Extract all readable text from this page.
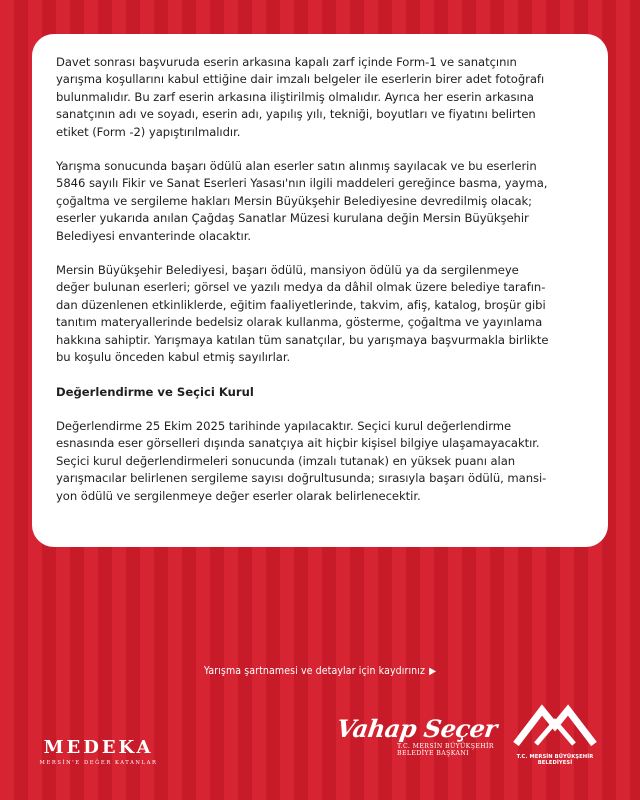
Davet sonrası başvuruda eserin arkasına kapalı zarf içinde Form-1 ve sanatçının
yarışma koşullarını kabul ettiğine dair imzalı belgeler ile eserlerin birer adet fotoğrafı
bulunmalıdır. Bu zarf eserin arkasına iliştirilmiş olmalıdır. Ayrıca her eserin arkasına
sanatçının adı ve soyadı, eserin adı, yapılış yılı, tekniği, boyutları ve fiyatını belirten
etiket (Form -2) yapıştırılmalıdır.

Yarışma sonucunda başarı ödülü alan eserler satın alınmış sayılacak ve bu eserlerin
5846 sayılı Fikir ve Sanat Eserleri Yasası'nın ilgili maddeleri gereğince basma, yayma,
çoğaltma ve sergileme hakları Mersin Büyükşehir Belediyesine devredilmiş olacak;
eserler yukarıda anılan Çağdaş Sanatlar Müzesi kurulana değin Mersin Büyükşehir
Belediyesi envanterinde olacaktır.

Mersin Büyükşehir Belediyesi, başarı ödülü, mansiyon ödülü ya da sergilenmeye
değer bulunan eserleri; görsel ve yazılı medya da dâhil olmak üzere belediye tarafın-
dan düzenlenen etkinliklerde, eğitim faaliyetlerinde, takvim, afiş, katalog, broşür gibi
tanıtım materyallerinde bedelsiz olarak kullanma, gösterme, çoğaltma ve yayınlama
hakkına sahiptir. Yarışmaya katılan tüm sanatçılar, bu yarışmaya başvurmakla birlikte
bu koşulu önceden kabul etmiş sayılırlar.

Değerlendirme ve Seçici Kurul

Değerlendirme 25 Ekim 2025 tarihinde yapılacaktır. Seçici kurul değerlendirme
esnasında eser görselleri dışında sanatçıya ait hiçbir kişisel bilgiye ulaşamayacaktır.
Seçici kurul değerlendirmeleri sonucunda (imzalı tutanak) en yüksek puanı alan
yarışmacılar belirlenen sergileme sayısı doğrultusunda; sırasıyla başarı ödülü, mansi-
yon ödülü ve sergilenmeye değer eserler olarak belirlenecektir.

Yarışma şartnamesi ve detaylar için kaydırınız ▶
MEDEKA
MERSİN'E DEĞER KATANLAR
Vahap Seçer
T.C. MERSİN BÜYÜKŞEHİR
BELEDİYE BAŞKANI	T.C. MERSİN BÜYÜKŞEHİR BELEDİYESİ
